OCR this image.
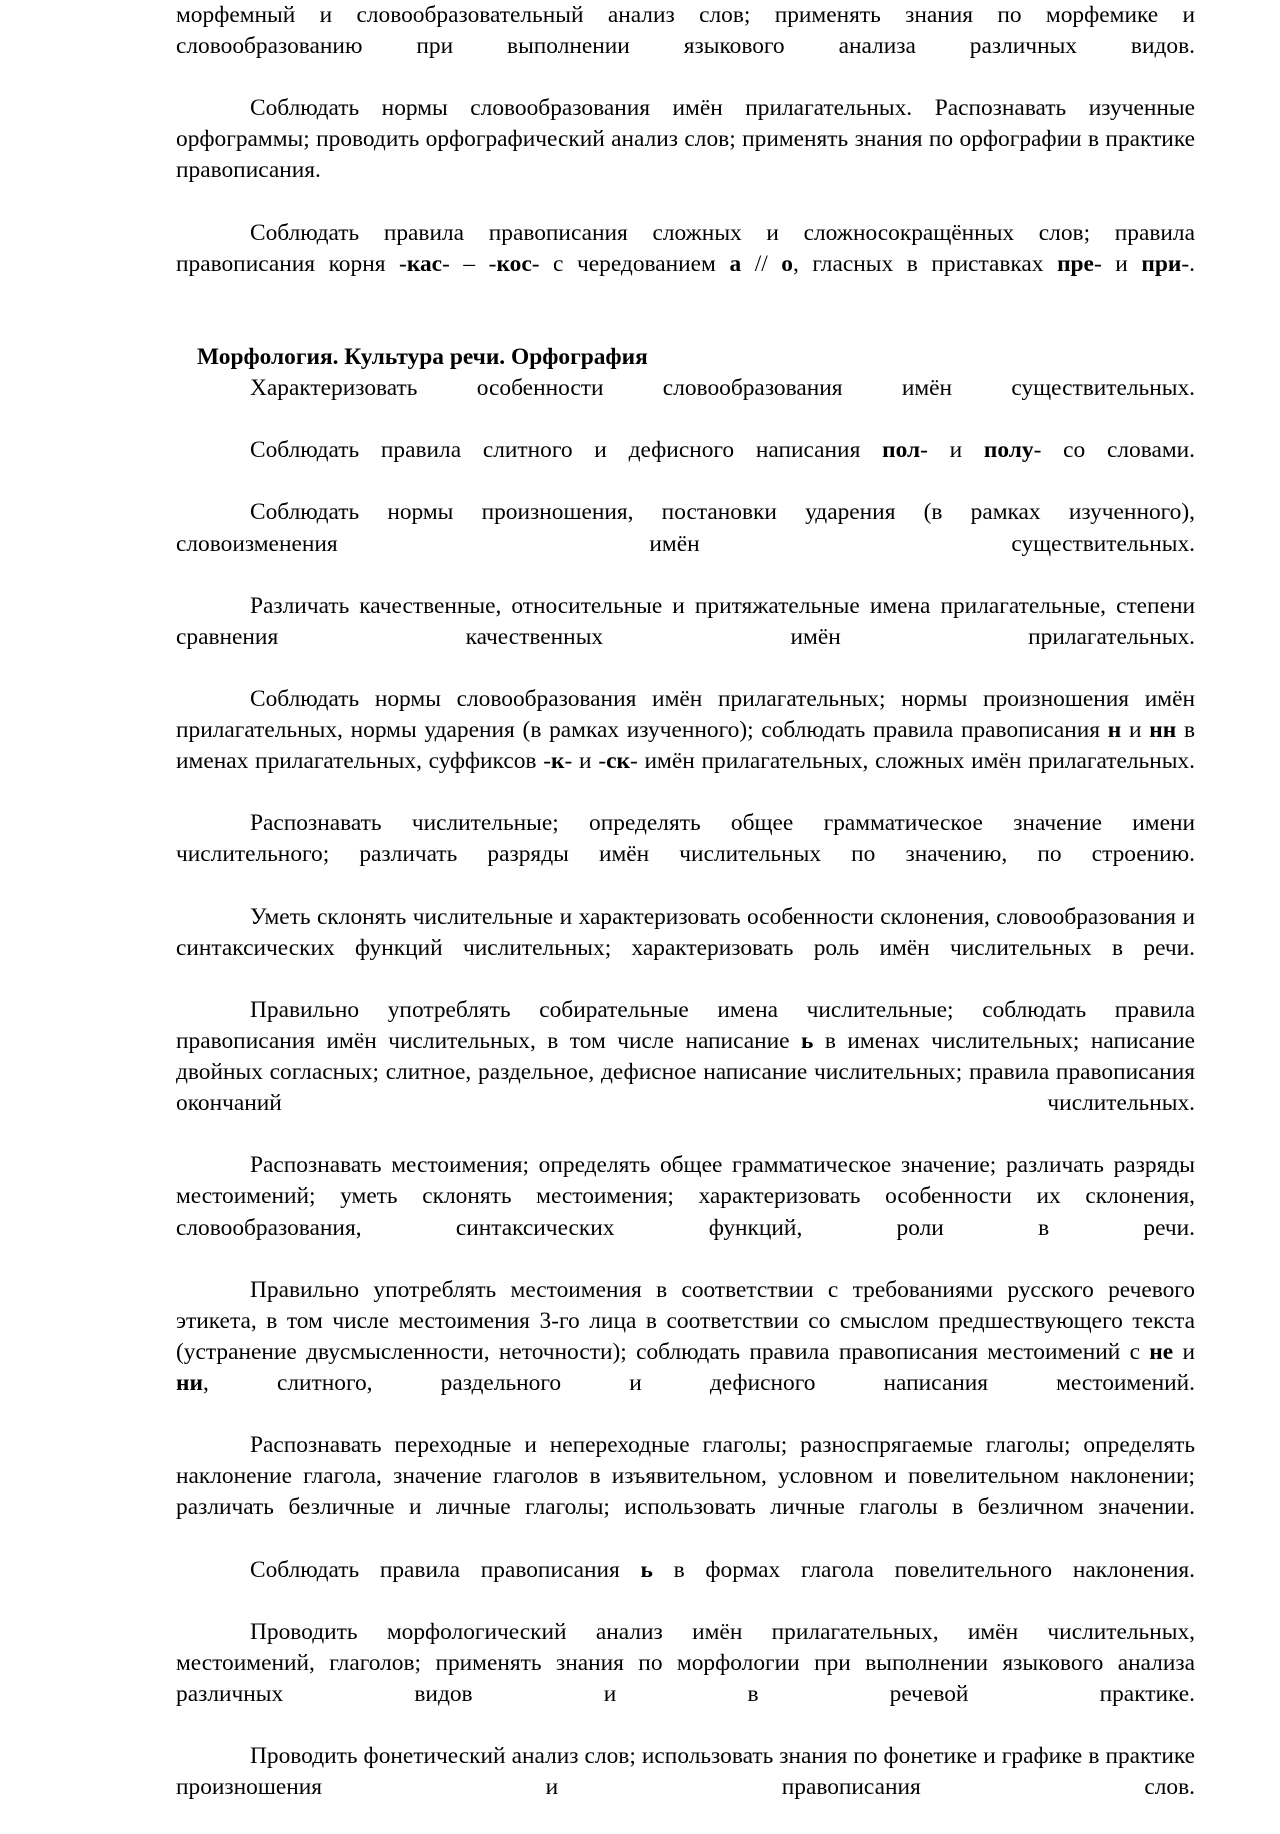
морфемный и словообразовательный анализ слов; применять знания по морфемике и словообразованию при выполнении языкового анализа различных видов.

Соблюдать нормы словообразования имён прилагательных. Распознавать изученные орфограммы; проводить орфографический анализ слов; применять знания по орфографии в практике правописания.

Соблюдать правила правописания сложных и сложносокращённых слов; правила правописания корня -кас- – -кос- с чередованием а // о, гласных в приставках пре- и при-.

Морфология. Культура речи. Орфография

Характеризовать особенности словообразования имён существительных.

Соблюдать правила слитного и дефисного написания пол- и полу- со словами.

Соблюдать нормы произношения, постановки ударения (в рамках изученного), словоизменения имён существительных.

Различать качественные, относительные и притяжательные имена прилагательные, степени сравнения качественных имён прилагательных.

Соблюдать нормы словообразования имён прилагательных; нормы произношения имён прилагательных, нормы ударения (в рамках изученного); соблюдать правила правописания н и нн в именах прилагательных, суффиксов -к- и -ск- имён прилагательных, сложных имён прилагательных.

Распознавать числительные; определять общее грамматическое значение имени числительного; различать разряды имён числительных по значению, по строению.

Уметь склонять числительные и характеризовать особенности склонения, словообразования и синтаксических функций числительных; характеризовать роль имён числительных в речи.

Правильно употреблять собирательные имена числительные; соблюдать правила правописания имён числительных, в том числе написание ь в именах числительных; написание двойных согласных; слитное, раздельное, дефисное написание числительных; правила правописания окончаний числительных.

Распознавать местоимения; определять общее грамматическое значение; различать разряды местоимений; уметь склонять местоимения; характеризовать особенности их склонения, словообразования, синтаксических функций, роли в речи.

Правильно употреблять местоимения в соответствии с требованиями русского речевого этикета, в том числе местоимения 3-го лица в соответствии со смыслом предшествующего текста (устранение двусмысленности, неточности); соблюдать правила правописания местоимений с не и ни, слитного, раздельного и дефисного написания местоимений.

Распознавать переходные и непереходные глаголы; разноспрягаемые глаголы; определять наклонение глагола, значение глаголов в изъявительном, условном и повелительном наклонении; различать безличные и личные глаголы; использовать личные глаголы в безличном значении.

Соблюдать правила правописания ь в формах глагола повелительного наклонения.

Проводить морфологический анализ имён прилагательных, имён числительных, местоимений, глаголов; применять знания по морфологии при выполнении языкового анализа различных видов и в речевой практике.

Проводить фонетический анализ слов; использовать знания по фонетике и графике в практике произношения и правописания слов.
